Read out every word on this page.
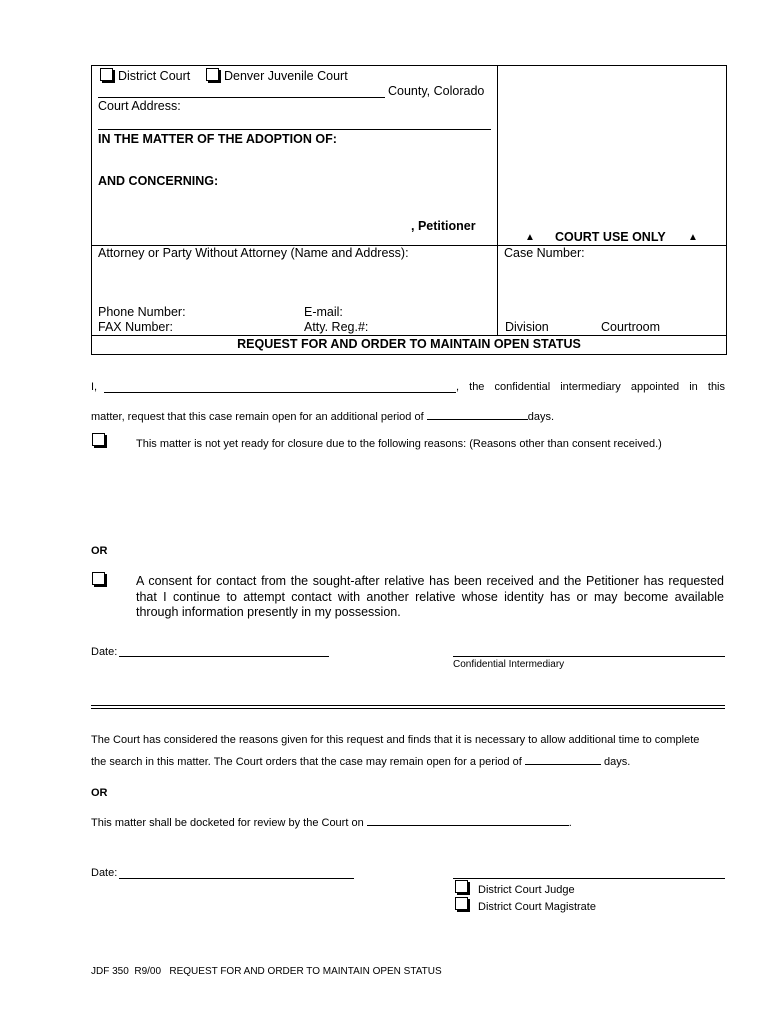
District Court	Denver Juvenile Court
County, Colorado
Court Address:
IN THE MATTER OF THE ADOPTION OF:
AND CONCERNING:
, Petitioner
▲ COURT USE ONLY ▲
Attorney or Party Without Attorney (Name and Address):	Case Number:
Phone Number:	E-mail:
FAX Number:	Atty. Reg.#:	Division	Courtroom
REQUEST FOR AND ORDER TO MAINTAIN OPEN STATUS
I,	, the confidential intermediary appointed in this
matter, request that this case remain open for an additional period of	days.
This matter is not yet ready for closure due to the following reasons: (Reasons other than consent received.)
OR
A consent for contact from the sought-after relative has been received and the Petitioner has requested that I continue to attempt contact with another relative whose identity has or may become available through information presently in my possession.
Date:
Confidential Intermediary
The Court has considered the reasons given for this request and finds that it is necessary to allow additional time to complete
the search in this matter. The Court orders that the case may remain open for a period of	days.
OR
This matter shall be docketed for review by the Court on	.
Date:
District Court Judge
District Court Magistrate
JDF 350  R9/00 REQUEST FOR AND ORDER TO MAINTAIN OPEN STATUS
